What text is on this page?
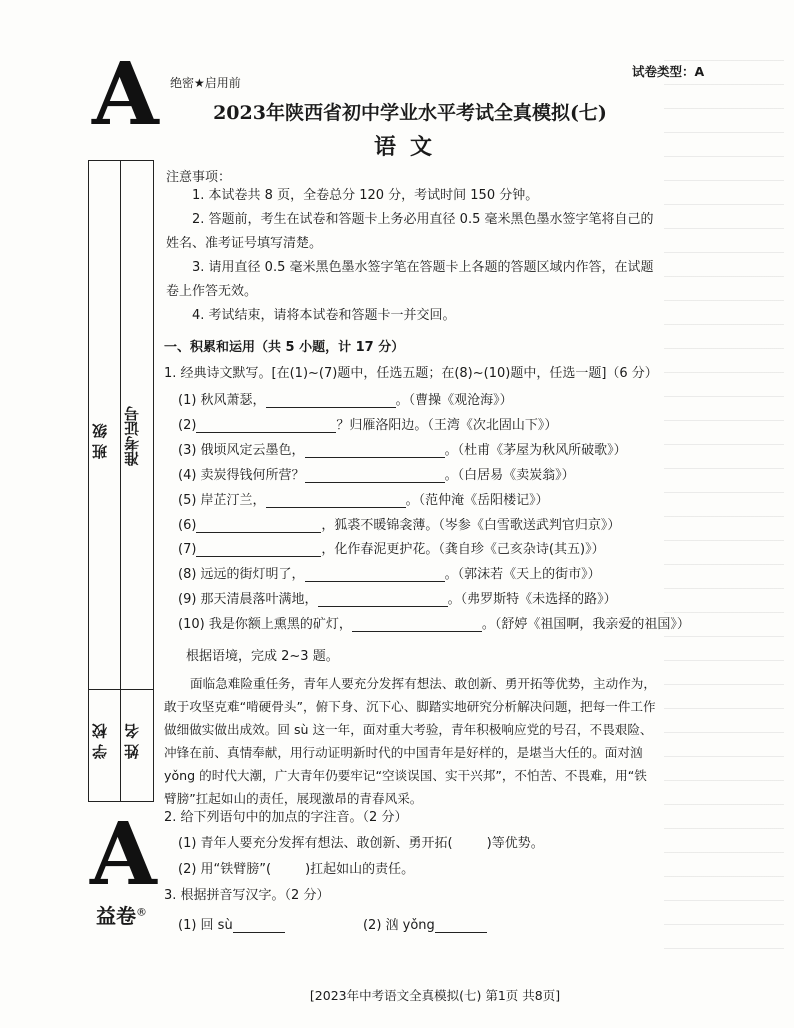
A 绝密★启用前
试卷类型：A
2023年陕西省初中学业水平考试全真模拟(七)
语文
班 级 准考证号
学 校 姓 名
A
益卷®
注意事项：
1. 本试卷共 8 页，全卷总分 120 分，考试时间 150 分钟。
2. 答题前，考生在试卷和答题卡上务必用直径 0.5 毫米黑色墨水签字笔将自己的姓名、准考证号填写清楚。
3. 请用直径 0.5 毫米黑色墨水签字笔在答题卡上各题的答题区域内作答，在试题卷上作答无效。
4. 考试结束，请将本试卷和答题卡一并交回。
一、积累和运用（共 5 小题，计 17 分）
1. 经典诗文默写。[在(1)~(7)题中，任选五题；在(8)~(10)题中，任选一题]（6 分）
(1) 秋风萧瑟，	。（曹操《观沧海》）
(2)	？归雁洛阳边。（王湾《次北固山下》）
(3) 俄顷风定云墨色，	。（杜甫《茅屋为秋风所破歌》）
(4) 卖炭得钱何所营？	。（白居易《卖炭翁》）
(5) 岸芷汀兰，	。（范仲淹《岳阳楼记》）
(6)	，狐裘不暖锦衾薄。（岑参《白雪歌送武判官归京》）
(7)	，化作春泥更护花。（龚自珍《己亥杂诗(其五)》）
(8) 远远的街灯明了，	。（郭沫若《天上的街市》）
(9) 那天清晨落叶满地，	。（弗罗斯特《未选择的路》）
(10) 我是你额上熏黑的矿灯，	。（舒婷《祖国啊，我亲爱的祖国》）
根据语境，完成 2~3 题。
面临急难险重任务，青年人要充分发挥有想法、敢创新、勇开拓等优势，主动作为，敢于攻坚克难“啃硬骨头”，俯下身、沉下心、脚踏实地研究分析解决问题，把每一件工作做细做实做出成效。回 sù 这一年，面对重大考验，青年积极响应党的号召，不畏艰险、冲锋在前、真情奉献，用行动证明新时代的中国青年是好样的，是堪当大任的。面对汹 yǒng 的时代大潮，广大青年仍要牢记“空谈误国、实干兴邦”，不怕苦、不畏难，用“铁臂膀”扛起如山的责任，展现激昂的青春风采。
2. 给下列语句中的加点的字注音。（2 分）
(1) 青年人要充分发挥有想法、敢创新、勇开拓(	)等优势。
(2) 用“铁臂膀”(	)扛起如山的责任。
3. 根据拼音写汉字。（2 分）
(1) 回 sù	(2) 汹 yǒng
[2023年中考语文全真模拟(七) 第1页 共8页]
